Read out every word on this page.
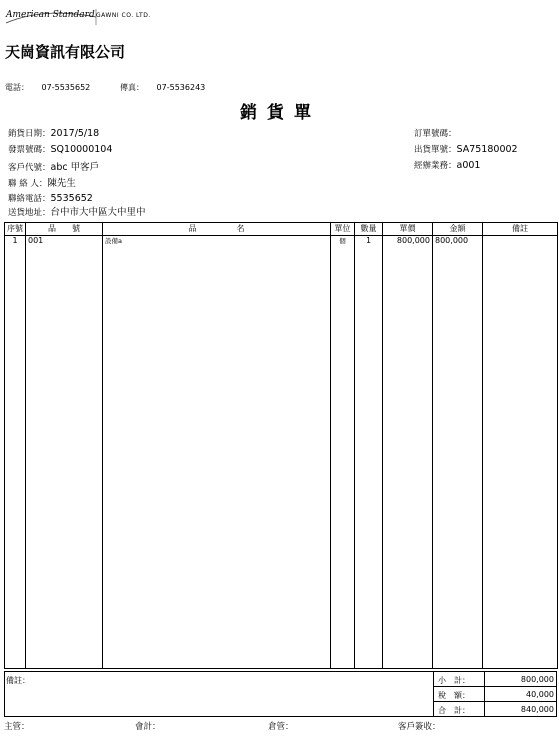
American Standard GAWNI CO. LTD.
天崗資訊有限公司
電話： 07-5535652	傳真： 07-5536243
銷貨單
銷貨日期：2017/5/18
發票號碼：SQ10000104
客戶代號：abc 甲客戶
聯 絡 人：陳先生
聯絡電話：5535652
送貨地址：台中市大中區大中里中
訂單號碼：
出貨單號：SA75180002
經辦業務：a001
序號	品　　號	品　　　　　名	單位	數量	單價	金額	備註
1	001	設備a	個	1	800,000	800,000	
備註：	小　計：	800,000
稅　額：	40,000
合　計：	840,000
主管：	會計：	倉管：	客戶簽收：
